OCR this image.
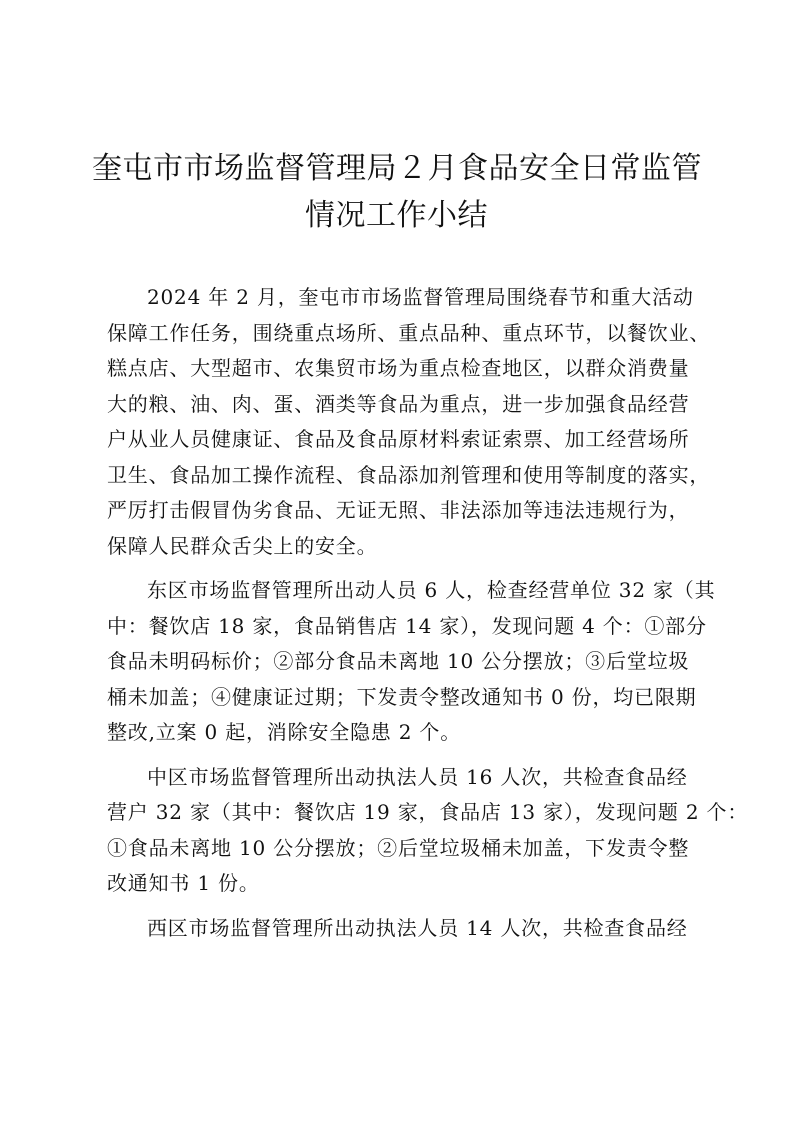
奎屯市市场监督管理局２月食品安全日常监管
情况工作小结

2024 年 2 月，奎屯市市场监督管理局围绕春节和重大活动
保障工作任务，围绕重点场所、重点品种、重点环节，以餐饮业、
糕点店、大型超市、农集贸市场为重点检查地区，以群众消费量
大的粮、油、肉、蛋、酒类等食品为重点，进一步加强食品经营
户从业人员健康证、食品及食品原材料索证索票、加工经营场所
卫生、食品加工操作流程、食品添加剂管理和使用等制度的落实，
严厉打击假冒伪劣食品、无证无照、非法添加等违法违规行为，
保障人民群众舌尖上的安全。

东区市场监督管理所出动人员 6 人，检查经营单位 32 家（其
中：餐饮店 18 家，食品销售店 14 家），发现问题 4 个：①部分
食品未明码标价；②部分食品未离地 10 公分摆放；③后堂垃圾
桶未加盖；④健康证过期；下发责令整改通知书 0 份，均已限期
整改,立案 0 起，消除安全隐患 2 个。

中区市场监督管理所出动执法人员 16 人次，共检查食品经
营户 32 家（其中：餐饮店 19 家，食品店 13 家），发现问题 2 个：
①食品未离地 10 公分摆放；②后堂垃圾桶未加盖，下发责令整
改通知书 1 份。

西区市场监督管理所出动执法人员 14 人次，共检查食品经
